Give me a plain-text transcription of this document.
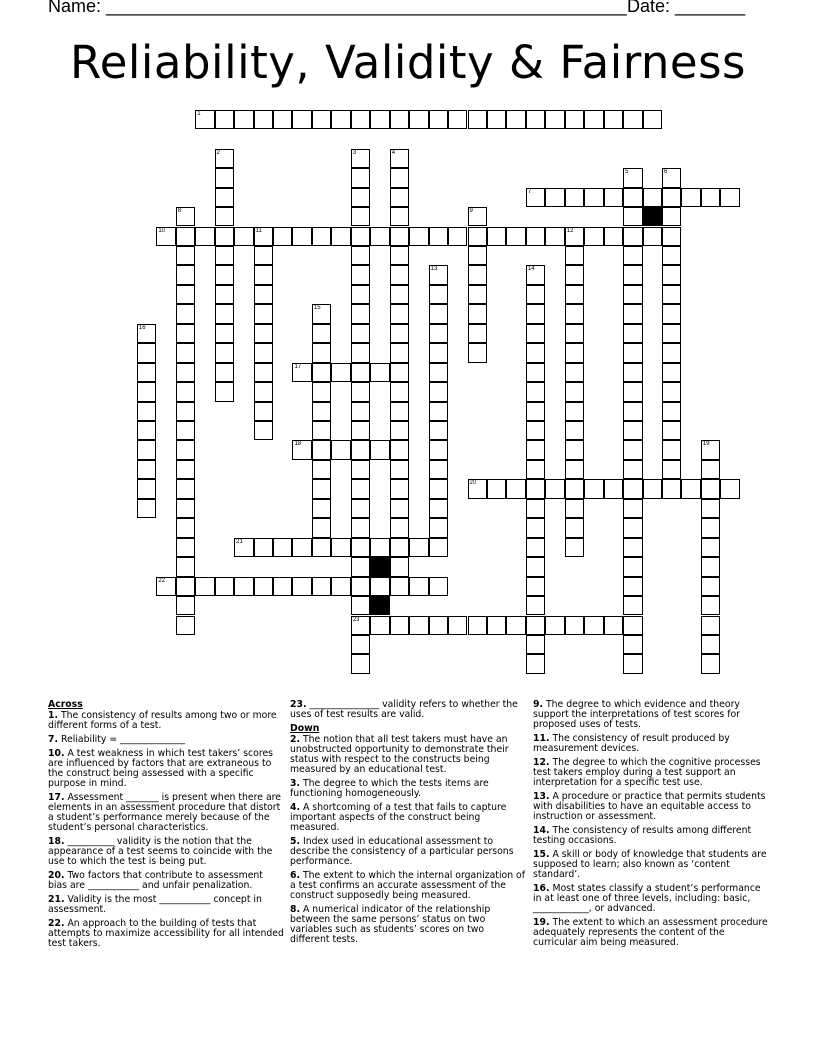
Name: ____________________________________________________ Date: _______
Reliability, Validity & Fairness
1
7
10	11	12
17
18
20
21
22
23
2	3	4
5	6
8	9
13	14
15
16
19
Across
1. The consistency of results among two or more different forms of a test.
7. Reliability = ______________
10. A test weakness in which test takers’ scores are influenced by factors that are extraneous to the construct being assessed with a specific purpose in mind.
17. Assessment _______ is present when there are elements in an assessment procedure that distort a student’s performance merely because of the student’s personal characteristics.
18. __________ validity is the notion that the appearance of a test seems to coincide with the use to which the test is being put.
20. Two factors that contribute to assessment bias are ___________ and unfair penalization.
21. Validity is the most ___________ concept in assessment.
22. An approach to the building of tests that attempts to maximize accessibility for all intended test takers.
23. _______________ validity refers to whether the uses of test results are valid.
Down
2. The notion that all test takers must have an unobstructed opportunity to demonstrate their status with respect to the constructs being measured by an educational test.
3. The degree to which the tests items are functioning homogeneously.
4. A shortcoming of a test that fails to capture important aspects of the construct being measured.
5. Index used in educational assessment to describe the consistency of a particular persons performance.
6. The extent to which the internal organization of a test confirms an accurate assessment of the construct supposedly being measured.
8. A numerical indicator of the relationship between the same persons’ status on two variables such as students’ scores on two different tests.
9. The degree to which evidence and theory support the interpretations of test scores for proposed uses of tests.
11. The consistency of result produced by measurement devices.
12. The degree to which the cognitive processes test takers employ during a test support an interpretation for a specific test use.
13. A procedure or practice that permits students with disabilities to have an equitable access to instruction or assessment.
14. The consistency of results among different testing occasions.
15. A skill or body of knowledge that students are supposed to learn; also known as ‘content standard’.
16. Most states classify a student’s performance in at least one of three levels, including: basic, ____________, or advanced.
19. The extent to which an assessment procedure adequately represents the content of the curricular aim being measured.
